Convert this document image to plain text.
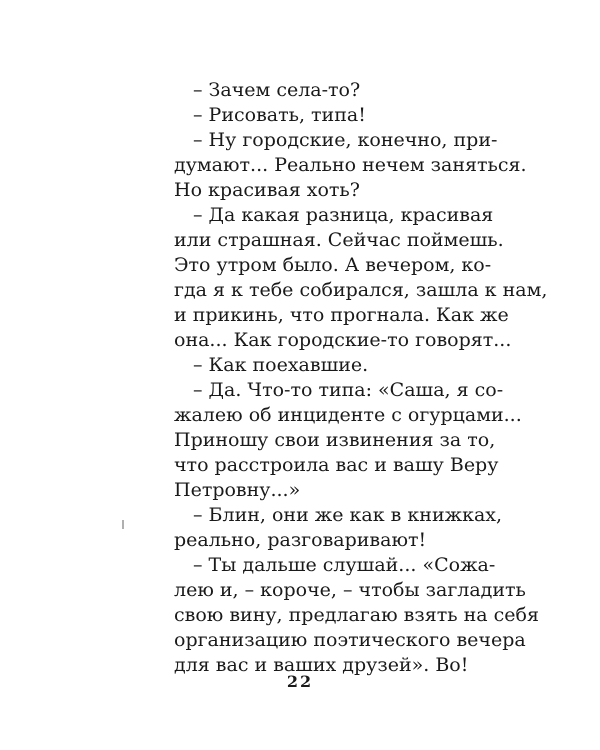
– Зачем села-то?
– Рисовать, типа!
– Ну городские, конечно, при-
думают... Реально нечем заняться.
Но красивая хоть?
– Да какая разница, красивая
или страшная. Сейчас поймешь.
Это утром было. А вечером, ко-
гда я к тебе собирался, зашла к нам,
и прикинь, что прогнала. Как же
она... Как городские-то говорят...
– Как поехавшие.
– Да. Что-то типа: «Саша, я со-
жалею об инциденте с огурцами...
Приношу свои извинения за то,
что расстроила вас и вашу Веру
Петровну...»
– Блин, они же как в книжках,
реально, разговаривают!
– Ты дальше слушай... «Сожа-
лею и, – короче, – чтобы загладить
свою вину, предлагаю взять на себя
организацию поэтического вечера
для вас и ваших друзей». Во!
22
